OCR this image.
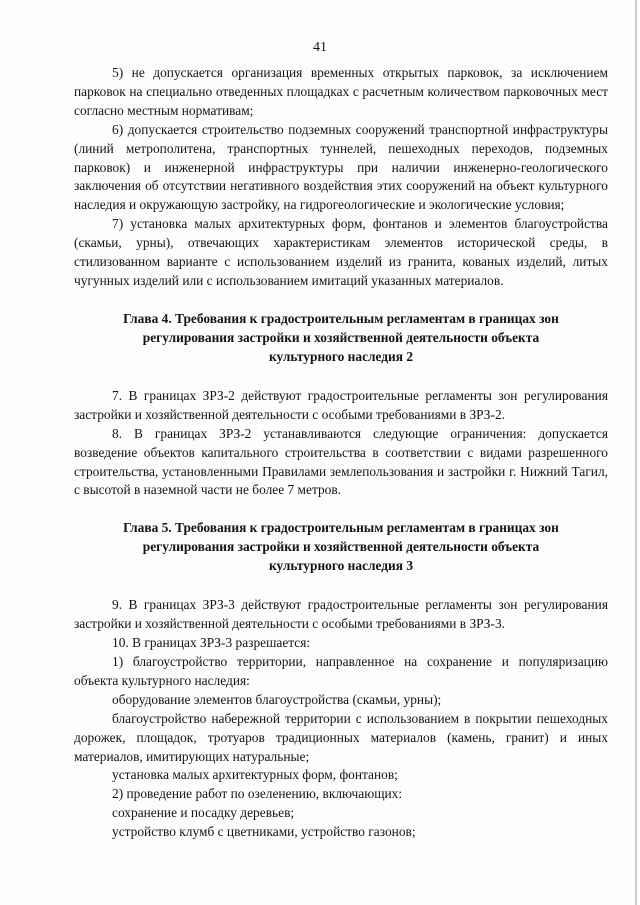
41

5) не допускается организация временных открытых парковок, за исключением парковок на специально отведенных площадках с расчетным количеством парковочных мест согласно местным нормативам;

6) допускается строительство подземных сооружений транспортной инфраструктуры (линий метрополитена, транспортных туннелей, пешеходных переходов, подземных парковок) и инженерной инфраструктуры при наличии инженерно-геологического заключения об отсутствии негативного воздействия этих сооружений на объект культурного наследия и окружающую застройку, на гидрогеологические и экологические условия;

7) установка малых архитектурных форм, фонтанов и элементов благоустройства (скамьи, урны), отвечающих характеристикам элементов исторической среды, в стилизованном варианте с использованием изделий из гранита, кованых изделий, литых чугунных изделий или с использованием имитаций указанных материалов.

Глава 4. Требования к градостроительным регламентам в границах зон
регулирования застройки и хозяйственной деятельности объекта
культурного наследия 2

7. В границах ЗРЗ-2 действуют градостроительные регламенты зон регулирования застройки и хозяйственной деятельности с особыми требованиями в ЗРЗ-2.

8. В границах ЗРЗ-2 устанавливаются следующие ограничения: допускается возведение объектов капитального строительства в соответствии с видами разрешенного строительства, установленными Правилами землепользования и застройки г. Нижний Тагил, с высотой в наземной части не более 7 метров.

Глава 5. Требования к градостроительным регламентам в границах зон
регулирования застройки и хозяйственной деятельности объекта
культурного наследия 3

9. В границах ЗРЗ-3 действуют градостроительные регламенты зон регулирования застройки и хозяйственной деятельности с особыми требованиями в ЗРЗ-3.

10. В границах ЗРЗ-3 разрешается:

1) благоустройство территории, направленное на сохранение и популяризацию объекта культурного наследия:

оборудование элементов благоустройства (скамьи, урны);

благоустройство набережной территории с использованием в покрытии пешеходных дорожек, площадок, тротуаров традиционных материалов (камень, гранит) и иных материалов, имитирующих натуральные;

установка малых архитектурных форм, фонтанов;

2) проведение работ по озеленению, включающих:

сохранение и посадку деревьев;

устройство клумб с цветниками, устройство газонов;
